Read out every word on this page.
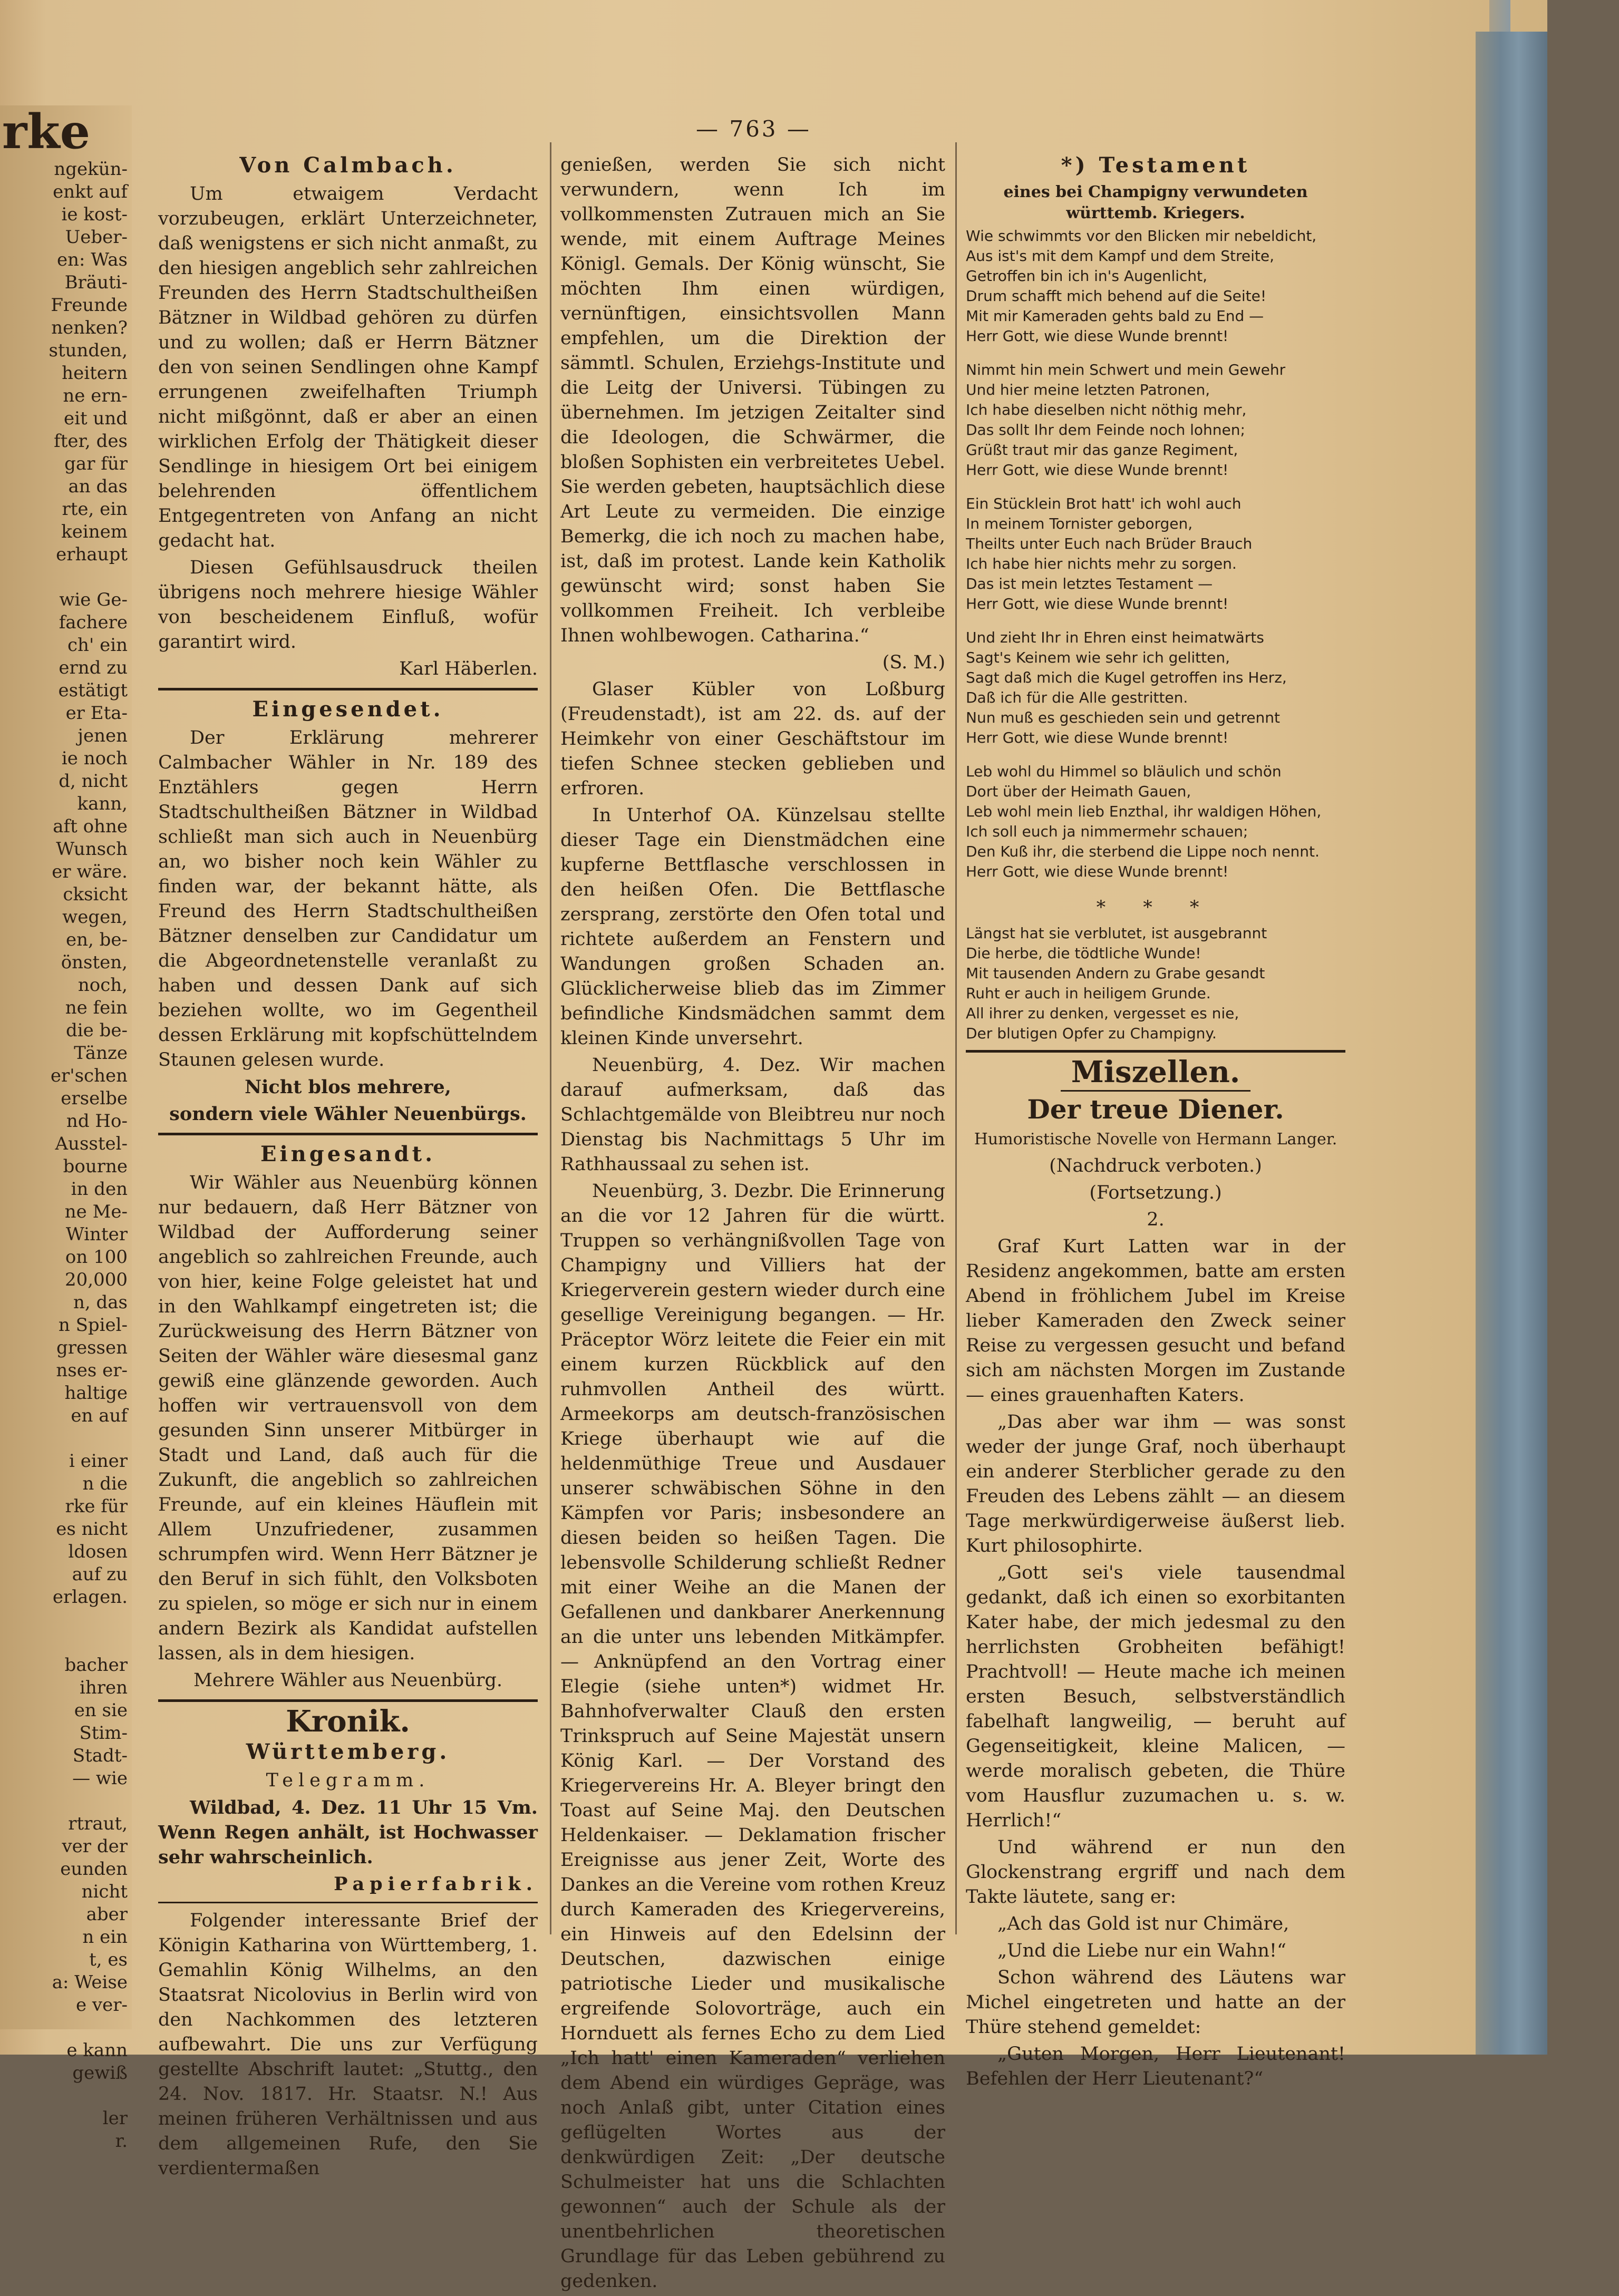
rke

ngekün-

enkt auf

ie kost-

Ueber-

en: Was

Bräuti-

Freunde

nenken?

stunden,

heitern

ne ern-

eit und

fter, des

gar für

an das

rte, ein

keinem

erhaupt

wie Ge-

fachere

ch' ein

ernd zu

estätigt

er Eta-

jenen

ie noch

d, nicht

kann,

aft ohne

Wunsch

er wäre.

cksicht

wegen,

en, be-

önsten,

noch,

ne fein

die be-

Tänze

er'schen

erselbe

nd Ho-

Ausstel-

bourne

in den

ne Me-

Winter

on 100

20,000

n, das

n Spiel-

gressen

nses er-

haltige

en auf

i einer

n die

rke für

es nicht

ldosen

auf zu

erlagen.

bacher

ihren

en sie

Stim-

Stadt-

— wie

rtraut,

ver der

eunden

nicht

aber

n ein

t, es

a: Weise

e ver-

e kann

gewiß

ler

r.

— 763 —
Von Calmbach.

Um etwaigem Verdacht vorzubeugen, erklärt Unterzeichneter, daß wenigstens er sich nicht anmaßt, zu den hiesigen angeblich sehr zahlreichen Freunden des Herrn Stadtschultheißen Bätzner in Wildbad gehören zu dürfen und zu wollen; daß er Herrn Bätzner den von seinen Sendlingen ohne Kampf errungenen zweifelhaften Triumph nicht mißgönnt, daß er aber an einen wirklichen Erfolg der Thätigkeit dieser Sendlinge in hiesigem Ort bei einigem belehrenden öffentlichem Entgegentreten von Anfang an nicht gedacht hat.

Diesen Gefühlsausdruck theilen übrigens noch mehrere hiesige Wähler von bescheidenem Einfluß, wofür garantirt wird.

Karl Häberlen.

Eingesendet.

Der Erklärung mehrerer Calmbacher Wähler in Nr. 189 des Enztählers gegen Herrn Stadtschultheißen Bätzner in Wildbad schließt man sich auch in Neuenbürg an, wo bisher noch kein Wähler zu finden war, der bekannt hätte, als Freund des Herrn Stadtschultheißen Bätzner denselben zur Candidatur um die Abgeordnetenstelle veranlaßt zu haben und dessen Dank auf sich beziehen wollte, wo im Gegentheil dessen Erklärung mit kopfschüttelndem Staunen gelesen wurde.

Nicht blos mehrere,

sondern viele Wähler Neuenbürgs.

Eingesandt.

Wir Wähler aus Neuenbürg können nur bedauern, daß Herr Bätzner von Wildbad der Aufforderung seiner angeblich so zahlreichen Freunde, auch von hier, keine Folge geleistet hat und in den Wahlkampf eingetreten ist; die Zurückweisung des Herrn Bätzner von Seiten der Wähler wäre diesesmal ganz gewiß eine glänzende geworden. Auch hoffen wir vertrauensvoll von dem gesunden Sinn unserer Mitbürger in Stadt und Land, daß auch für die Zukunft, die angeblich so zahlreichen Freunde, auf ein kleines Häuflein mit Allem Unzufriedener, zusammen schrumpfen wird. Wenn Herr Bätzner je den Beruf in sich fühlt, den Volksboten zu spielen, so möge er sich nur in einem andern Bezirk als Kandidat aufstellen lassen, als in dem hiesigen.

Mehrere Wähler aus Neuenbürg.

Kronik.
Württemberg.

Telegramm.

Wildbad, 4. Dez. 11 Uhr 15 Vm. Wenn Regen anhält, ist Hochwasser sehr wahrscheinlich.

Papierfabrik.

Folgender interessante Brief der Königin Katharina von Württemberg, 1. Gemahlin König Wilhelms, an den Staatsrat Nicolovius in Berlin wird von den Nachkommen des letzteren aufbewahrt. Die uns zur Verfügung gestellte Abschrift lautet: „Stuttg., den 24. Nov. 1817. Hr. Staatsr. N.! Aus meinen früheren Verhältnissen und aus dem allgemeinen Rufe, den Sie verdientermaßen

genießen, werden Sie sich nicht verwundern, wenn Ich im vollkommensten Zutrauen mich an Sie wende, mit einem Auftrage Meines Königl. Gemals. Der König wünscht, Sie möchten Ihm einen würdigen, vernünftigen, einsichtsvollen Mann empfehlen, um die Direktion der sämmtl. Schulen, Erziehgs-Institute und die Leitg der Universi. Tübingen zu übernehmen. Im jetzigen Zeitalter sind die Ideologen, die Schwärmer, die bloßen Sophisten ein verbreitetes Uebel. Sie werden gebeten, hauptsächlich diese Art Leute zu vermeiden. Die einzige Bemerkg, die ich noch zu machen habe, ist, daß im protest. Lande kein Katholik gewünscht wird; sonst haben Sie vollkommen Freiheit. Ich verbleibe Ihnen wohlbewogen. Catharina.“

(S. M.)

Glaser Kübler von Loßburg (Freudenstadt), ist am 22. ds. auf der Heimkehr von einer Geschäftstour im tiefen Schnee stecken geblieben und erfroren.

In Unterhof OA. Künzelsau stellte dieser Tage ein Dienstmädchen eine kupferne Bettflasche verschlossen in den heißen Ofen. Die Bettflasche zersprang, zerstörte den Ofen total und richtete außerdem an Fenstern und Wandungen großen Schaden an. Glücklicherweise blieb das im Zimmer befindliche Kindsmädchen sammt dem kleinen Kinde unversehrt.

Neuenbürg, 4. Dez. Wir machen darauf aufmerksam, daß das Schlachtgemälde von Bleibtreu nur noch Dienstag bis Nachmittags 5 Uhr im Rathhaussaal zu sehen ist.

Neuenbürg, 3. Dezbr. Die Erinnerung an die vor 12 Jahren für die württ. Truppen so verhängnißvollen Tage von Champigny und Villiers hat der Kriegerverein gestern wieder durch eine gesellige Vereinigung begangen. — Hr. Präceptor Wörz leitete die Feier ein mit einem kurzen Rückblick auf den ruhmvollen Antheil des württ. Armeekorps am deutsch-französischen Kriege überhaupt wie auf die heldenmüthige Treue und Ausdauer unserer schwäbischen Söhne in den Kämpfen vor Paris; insbesondere an diesen beiden so heißen Tagen. Die lebensvolle Schilderung schließt Redner mit einer Weihe an die Manen der Gefallenen und dankbarer Anerkennung an die unter uns lebenden Mitkämpfer. — Anknüpfend an den Vortrag einer Elegie (siehe unten*) widmet Hr. Bahnhofverwalter Clauß den ersten Trinkspruch auf Seine Majestät unsern König Karl. — Der Vorstand des Kriegervereins Hr. A. Bleyer bringt den Toast auf Seine Maj. den Deutschen Heldenkaiser. — Deklamation frischer Ereignisse aus jener Zeit, Worte des Dankes an die Vereine vom rothen Kreuz durch Kameraden des Kriegervereins, ein Hinweis auf den Edelsinn der Deutschen, dazwischen einige patriotische Lieder und musikalische ergreifende Solovorträge, auch ein Hornduett als fernes Echo zu dem Lied „Ich hatt' einen Kameraden“ verliehen dem Abend ein würdiges Gepräge, was noch Anlaß gibt, unter Citation eines geflügelten Wortes aus der denkwürdigen Zeit: „Der deutsche Schulmeister hat uns die Schlachten gewonnen“ auch der Schule als der unentbehrlichen theoretischen Grundlage für das Leben gebührend zu gedenken.

*) Testament

eines bei Champigny verwundeten württemb. Kriegers.

Wie schwimmts vor den Blicken mir nebeldicht,
Aus ist's mit dem Kampf und dem Streite,
Getroffen bin ich in's Augenlicht,
Drum schafft mich behend auf die Seite!
Mit mir Kameraden gehts bald zu End —
Herr Gott, wie diese Wunde brennt!
Nimmt hin mein Schwert und mein Gewehr
Und hier meine letzten Patronen,
Ich habe dieselben nicht nöthig mehr,
Das sollt Ihr dem Feinde noch lohnen;
Grüßt traut mir das ganze Regiment,
Herr Gott, wie diese Wunde brennt!
Ein Stücklein Brot hatt' ich wohl auch
In meinem Tornister geborgen,
Theilts unter Euch nach Brüder Brauch
Ich habe hier nichts mehr zu sorgen.
Das ist mein letztes Testament —
Herr Gott, wie diese Wunde brennt!
Und zieht Ihr in Ehren einst heimatwärts
Sagt's Keinem wie sehr ich gelitten,
Sagt daß mich die Kugel getroffen ins Herz,
Daß ich für die Alle gestritten.
Nun muß es geschieden sein und getrennt
Herr Gott, wie diese Wunde brennt!
Leb wohl du Himmel so bläulich und schön
Dort über der Heimath Gauen,
Leb wohl mein lieb Enzthal, ihr waldigen Höhen,
Ich soll euch ja nimmermehr schauen;
Den Kuß ihr, die sterbend die Lippe noch nennt.
Herr Gott, wie diese Wunde brennt!
* * *
Längst hat sie verblutet, ist ausgebrannt
Die herbe, die tödtliche Wunde!
Mit tausenden Andern zu Grabe gesandt
Ruht er auch in heiligem Grunde.
All ihrer zu denken, vergesset es nie,
Der blutigen Opfer zu Champigny.
Miszellen.
Der treue Diener.

Humoristische Novelle von Hermann Langer.

(Nachdruck verboten.)

(Fortsetzung.)

2.

Graf Kurt Latten war in der Residenz angekommen, batte am ersten Abend in fröhlichem Jubel im Kreise lieber Kameraden den Zweck seiner Reise zu vergessen gesucht und befand sich am nächsten Morgen im Zustande — eines grauenhaften Katers.

„Das aber war ihm — was sonst weder der junge Graf, noch überhaupt ein anderer Sterblicher gerade zu den Freuden des Lebens zählt — an diesem Tage merkwürdigerweise äußerst lieb. Kurt philosophirte.

„Gott sei's viele tausendmal gedankt, daß ich einen so exorbitanten Kater habe, der mich jedesmal zu den herrlichsten Grobheiten befähigt! Prachtvoll! — Heute mache ich meinen ersten Besuch, selbstverständlich fabelhaft langweilig, — beruht auf Gegenseitigkeit, kleine Malicen, — werde moralisch gebeten, die Thüre vom Hausflur zuzumachen u. s. w. Herrlich!“

Und während er nun den Glockenstrang ergriff und nach dem Takte läutete, sang er:

„Ach das Gold ist nur Chimäre,

„Und die Liebe nur ein Wahn!“

Schon während des Läutens war Michel eingetreten und hatte an der Thüre stehend gemeldet:

„Guten Morgen, Herr Lieutenant! Befehlen der Herr Lieutenant?“
